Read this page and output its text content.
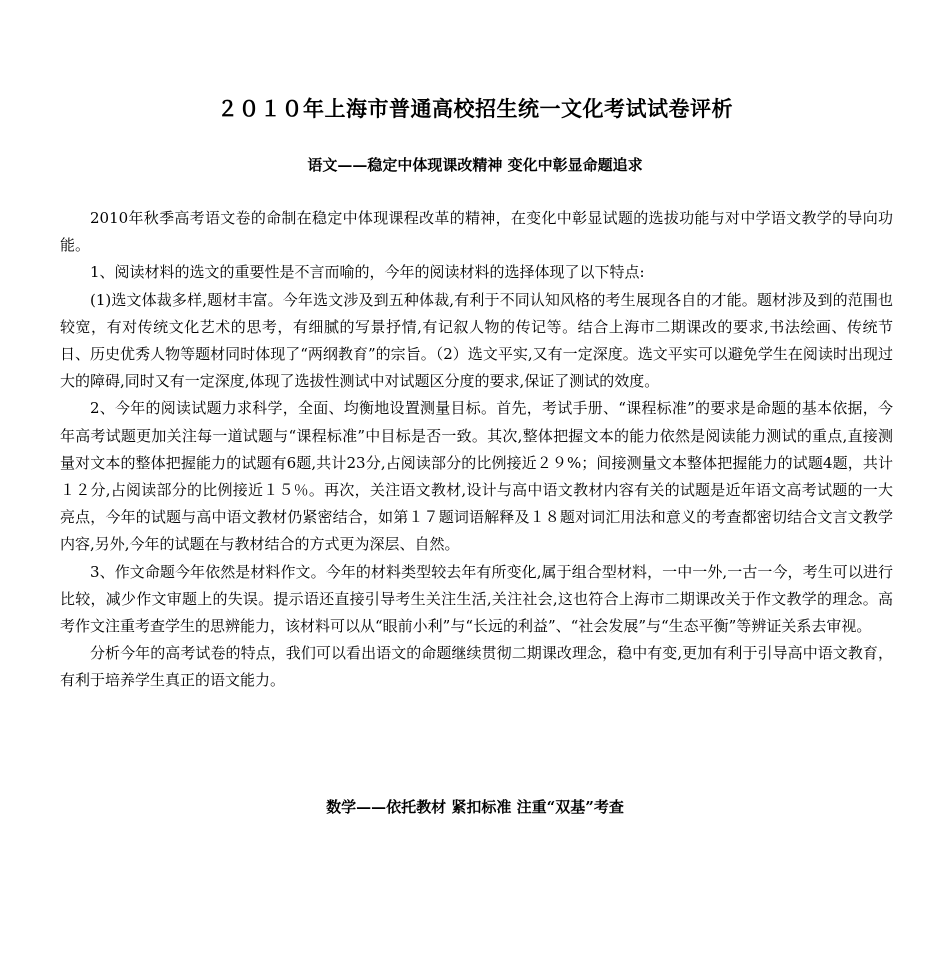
２０１０年上海市普通高校招生统一文化考试试卷评析
语文——稳定中体现课改精神 变化中彰显命题追求

2010年秋季高考语文卷的命制在稳定中体现课程改革的精神，在变化中彰显试题的选拔功能与对中学语文教学的导向功能。

1、阅读材料的选文的重要性是不言而喻的，今年的阅读材料的选择体现了以下特点:

(1)选文体裁多样,题材丰富。今年选文涉及到五种体裁,有利于不同认知风格的考生展现各自的才能。题材涉及到的范围也较宽，有对传统文化艺术的思考，有细腻的写景抒情,有记叙人物的传记等。结合上海市二期课改的要求,书法绘画、传统节日、历史优秀人物等题材同时体现了“两纲教育”的宗旨。（2）选文平实,又有一定深度。选文平实可以避免学生在阅读时出现过大的障碍,同时又有一定深度,体现了选拔性测试中对试题区分度的要求,保证了测试的效度。

2、今年的阅读试题力求科学，全面、均衡地设置测量目标。首先，考试手册、“课程标准”的要求是命题的基本依据，今年高考试题更加关注每一道试题与“课程标准”中目标是否一致。其次,整体把握文本的能力依然是阅读能力测试的重点,直接测量对文本的整体把握能力的试题有6题,共计23分,占阅读部分的比例接近２９%；间接测量文本整体把握能力的试题4题，共计１２分,占阅读部分的比例接近１５％。再次，关注语文教材,设计与高中语文教材内容有关的试题是近年语文高考试题的一大亮点，今年的试题与高中语文教材仍紧密结合，如第１７题词语解释及１８题对词汇用法和意义的考查都密切结合文言文教学内容,另外,今年的试题在与教材结合的方式更为深层、自然。

3、作文命题今年依然是材料作文。今年的材料类型较去年有所变化,属于组合型材料，一中一外,一古一今，考生可以进行比较，减少作文审题上的失误。提示语还直接引导考生关注生活,关注社会,这也符合上海市二期课改关于作文教学的理念。高考作文注重考查学生的思辨能力，该材料可以从“眼前小利”与“长远的利益”、“社会发展”与“生态平衡”等辨证关系去审视。

分析今年的高考试卷的特点，我们可以看出语文的命题继续贯彻二期课改理念，稳中有变,更加有利于引导高中语文教育，有利于培养学生真正的语文能力。

数学——依托教材 紧扣标准 注重“双基”考查
